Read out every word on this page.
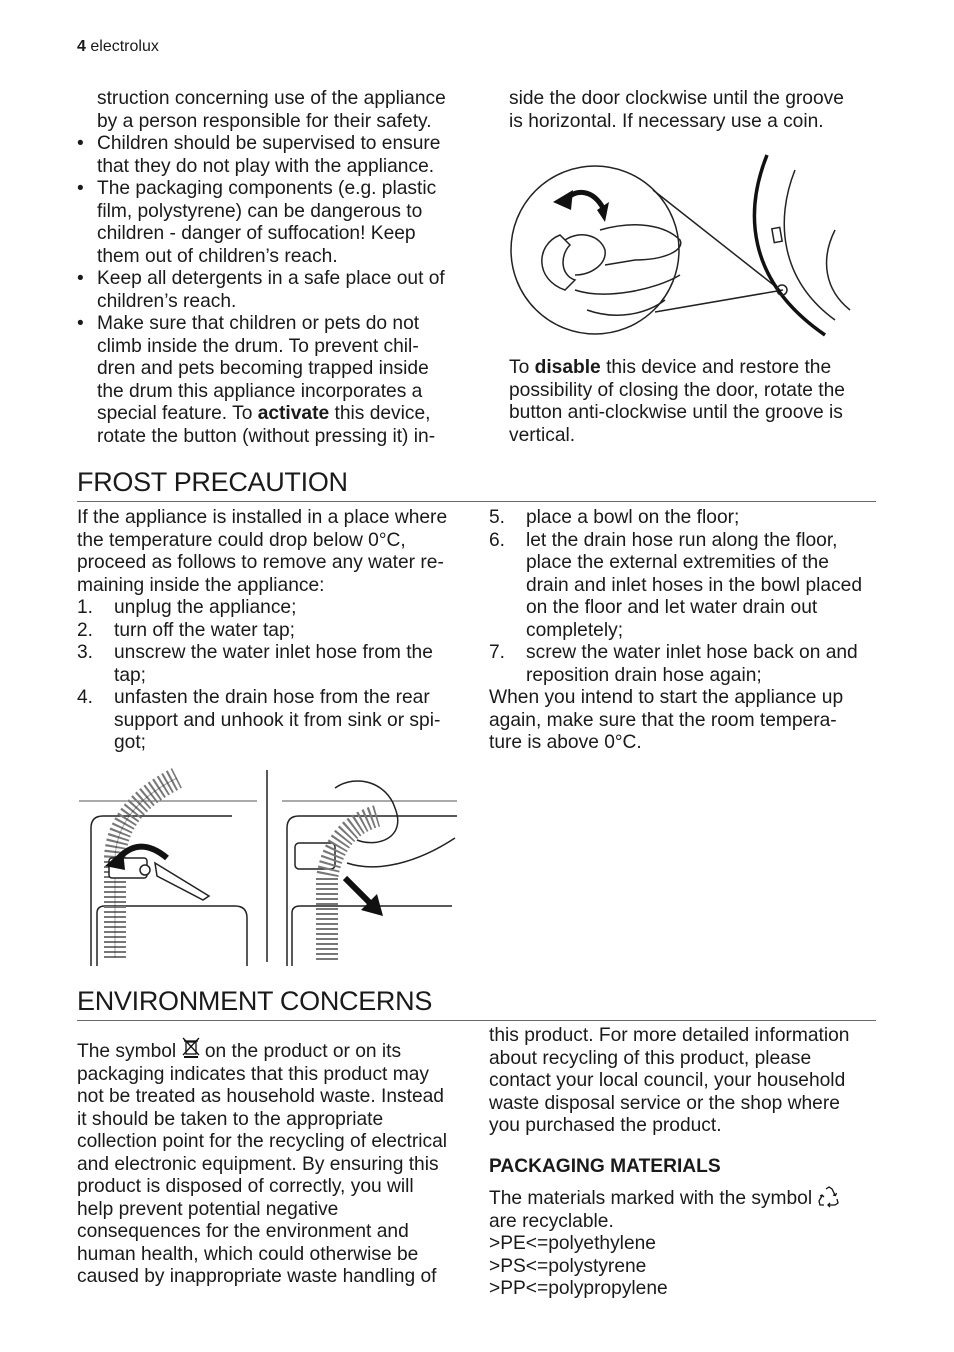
4 electrolux

struction concerning use of the appliance

by a person responsible for their safety.

• Children should be supervised to ensure

that they do not play with the appliance.

• The packaging components (e.g. plastic

film, polystyrene) can be dangerous to

children - danger of suffocation! Keep

them out of children’s reach.

• Keep all detergents in a safe place out of

children’s reach.

• Make sure that children or pets do not

climb inside the drum. To prevent chil-

dren and pets becoming trapped inside

the drum this appliance incorporates a

special feature. To activate this device,

rotate the button (without pressing it) in-

side the door clockwise until the groove

is horizontal. If necessary use a coin.

To disable this device and restore the

possibility of closing the door, rotate the

button anti-clockwise until the groove is

vertical.

FROST PRECAUTION

If the appliance is installed in a place where

the temperature could drop below 0°C,

proceed as follows to remove any water re-

maining inside the appliance:

1. unplug the appliance;

2. turn off the water tap;

3. unscrew the water inlet hose from the

tap;

4. unfasten the drain hose from the rear

support and unhook it from sink or spi-

got;

5. place a bowl on the floor;

6. let the drain hose run along the floor,

place the external extremities of the

drain and inlet hoses in the bowl placed

on the floor and let water drain out

completely;

7. screw the water inlet hose back on and

reposition drain hose again;

When you intend to start the appliance up

again, make sure that the room tempera-

ture is above 0°C.

ENVIRONMENT CONCERNS

The symbol  on the product or on its

packaging indicates that this product may

not be treated as household waste. Instead

it should be taken to the appropriate

collection point for the recycling of electrical

and electronic equipment. By ensuring this

product is disposed of correctly, you will

help prevent potential negative

consequences for the environment and

human health, which could otherwise be

caused by inappropriate waste handling of

this product. For more detailed information

about recycling of this product, please

contact your local council, your household

waste disposal service or the shop where

you purchased the product.

PACKAGING MATERIALS

The materials marked with the symbol

are recyclable.

>PE<=polyethylene

>PS<=polystyrene

>PP<=polypropylene
